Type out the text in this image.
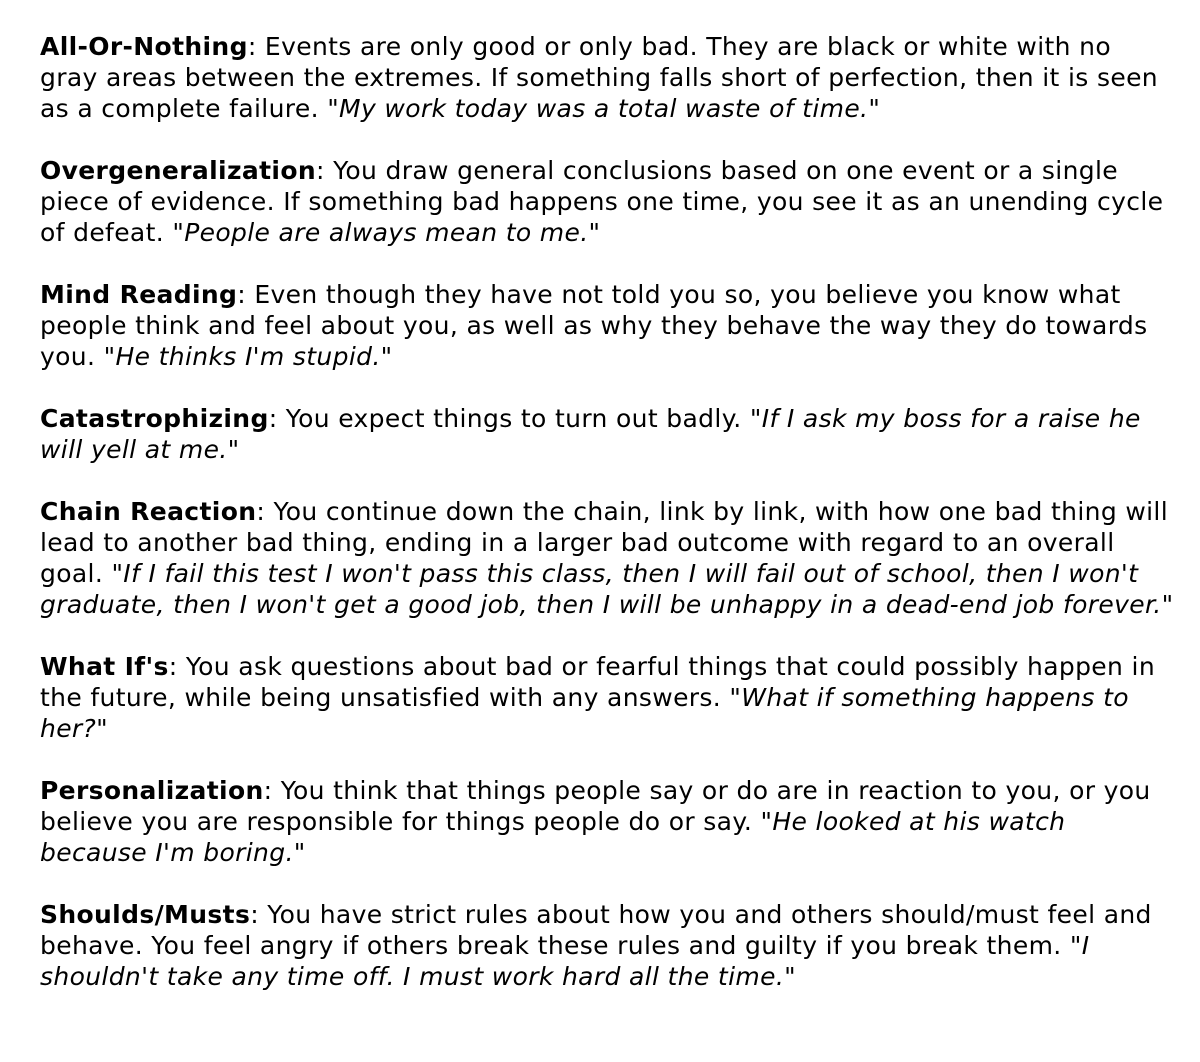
All-Or-Nothing: Events are only good or only bad. They are black or white with no gray areas between the extremes. If something falls short of perfection, then it is seen as a complete failure. "My work today was a total waste of time."

Overgeneralization: You draw general conclusions based on one event or a single piece of evidence. If something bad happens one time, you see it as an unending cycle of defeat. "People are always mean to me."

Mind Reading: Even though they have not told you so, you believe you know what people think and feel about you, as well as why they behave the way they do towards you. "He thinks I'm stupid."

Catastrophizing: You expect things to turn out badly. "If I ask my boss for a raise he will yell at me."

Chain Reaction: You continue down the chain, link by link, with how one bad thing will lead to another bad thing, ending in a larger bad outcome with regard to an overall goal. "If I fail this test I won't pass this class, then I will fail out of school, then I won't graduate, then I won't get a good job, then I will be unhappy in a dead-end job forever."

What If's: You ask questions about bad or fearful things that could possibly happen in the future, while being unsatisfied with any answers. "What if something happens to her?"

Personalization: You think that things people say or do are in reaction to you, or you believe you are responsible for things people do or say. "He looked at his watch because I'm boring."

Shoulds/Musts: You have strict rules about how you and others should/must feel and behave. You feel angry if others break these rules and guilty if you break them. "I shouldn't take any time off. I must work hard all the time."
